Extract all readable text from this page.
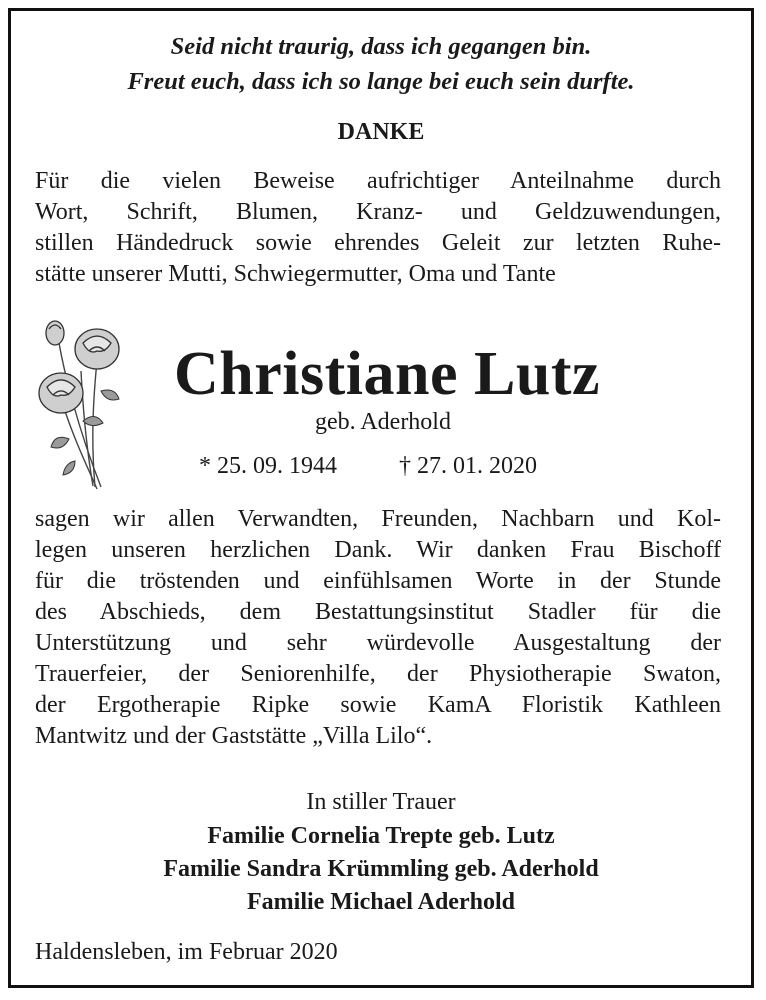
Seid nicht traurig, dass ich gegangen bin.
Freut euch, dass ich so lange bei euch sein durfte.
DANKE
Für die vielen Beweise aufrichtiger Anteilnahme durch
Wort, Schrift, Blumen, Kranz- und Geldzuwendungen,
stillen Händedruck sowie ehrendes Geleit zur letzten Ruhe-
stätte unserer Mutti, Schwiegermutter, Oma und Tante
Christiane Lutz
geb. Aderhold
* 25. 09. 1944	† 27. 01. 2020
sagen wir allen Verwandten, Freunden, Nachbarn und Kol-
legen unseren herzlichen Dank. Wir danken Frau Bischoff
für die tröstenden und einfühlsamen Worte in der Stunde
des Abschieds, dem Bestattungsinstitut Stadler für die
Unterstützung und sehr würdevolle Ausgestaltung der
Trauerfeier, der Seniorenhilfe, der Physiotherapie Swaton,
der Ergotherapie Ripke sowie KamA Floristik Kathleen
Mantwitz und der Gaststätte „Villa Lilo“.
In stiller Trauer
Familie Cornelia Trepte geb. Lutz
Familie Sandra Krümmling geb. Aderhold
Familie Michael Aderhold
Haldensleben, im Februar 2020
